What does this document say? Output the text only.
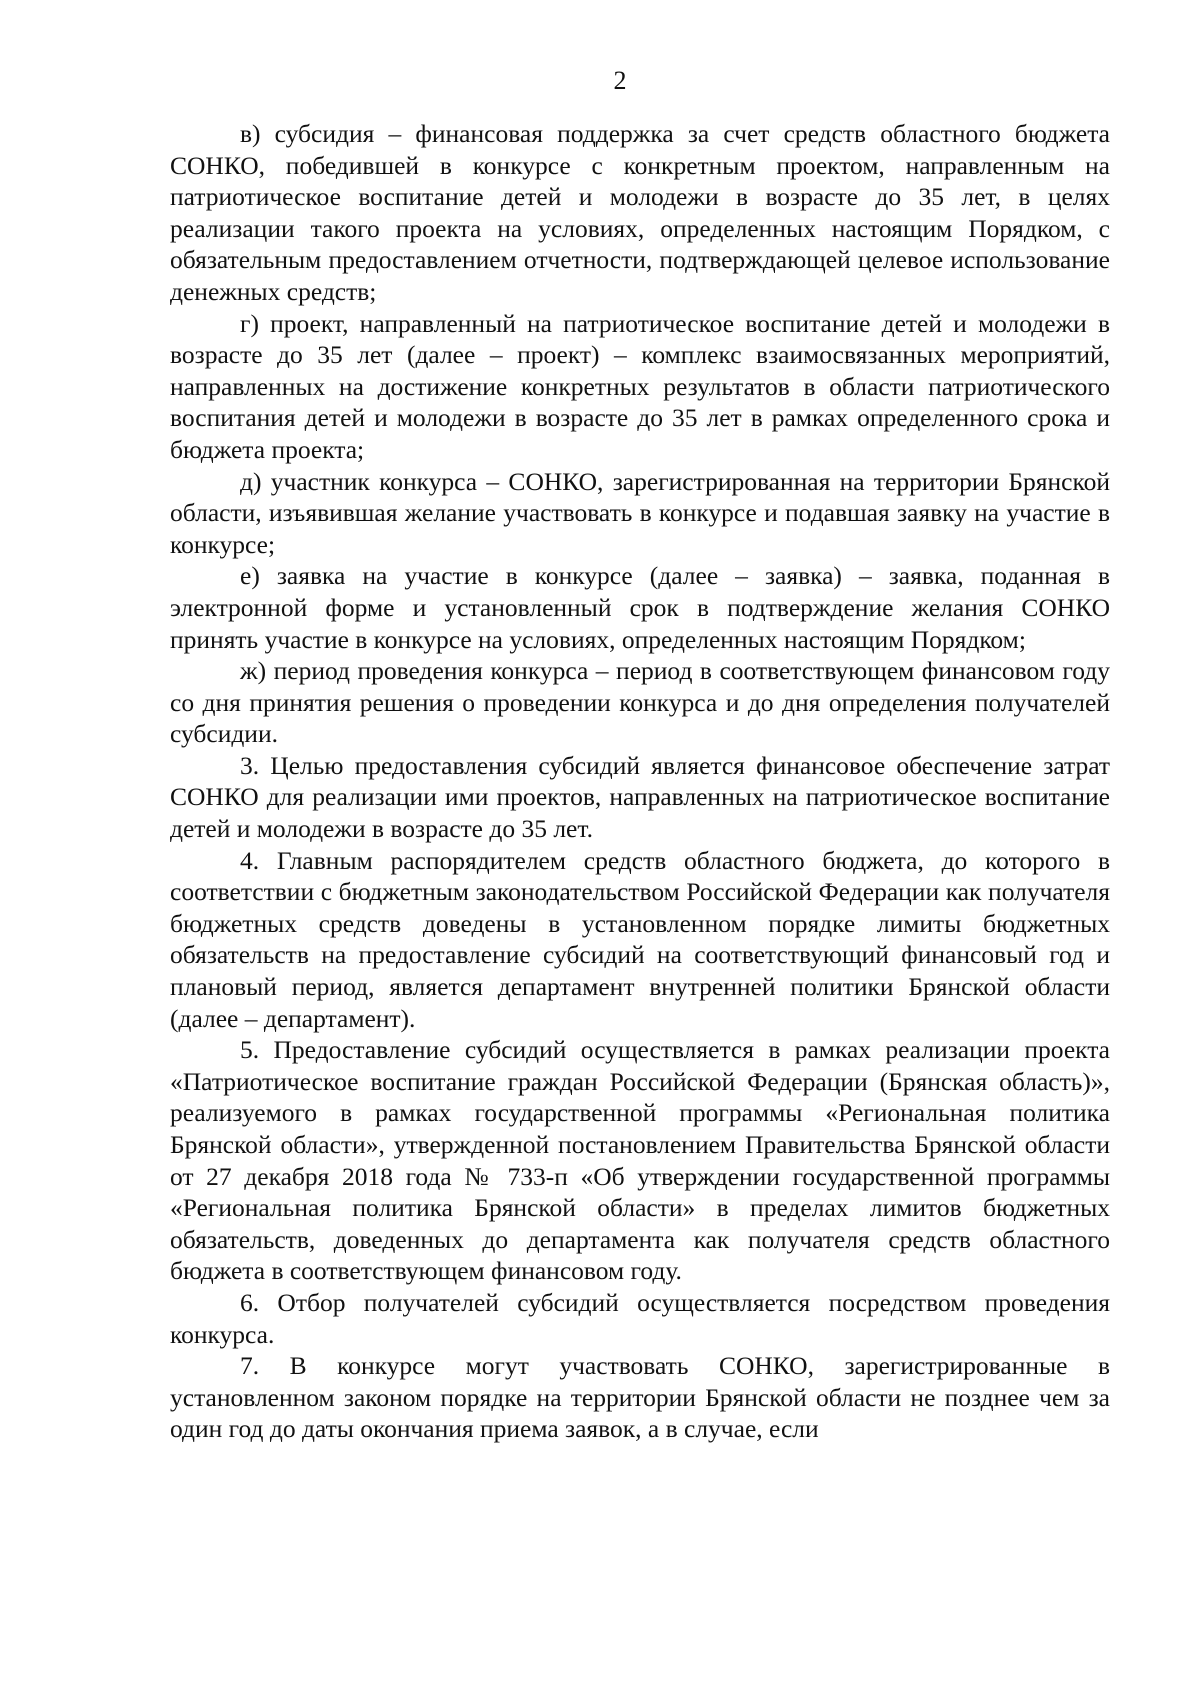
2

в) субсидия – финансовая поддержка за счет средств областного бюджета СОНКО, победившей в конкурсе с конкретным проектом, направленным на патриотическое воспитание детей и молодежи в возрасте до 35 лет, в целях реализации такого проекта на условиях, определенных настоящим Порядком, с обязательным предоставлением отчетности, подтверждающей целевое использование денежных средств;

г) проект, направленный на патриотическое воспитание детей и молодежи в возрасте до 35 лет (далее – проект) – комплекс взаимосвязанных мероприятий, направленных на достижение конкретных результатов в области патриотического воспитания детей и молодежи в возрасте до 35 лет в рамках определенного срока и бюджета проекта;

д) участник конкурса – СОНКО, зарегистрированная на территории Брянской области, изъявившая желание участвовать в конкурсе и подавшая заявку на участие в конкурсе;

е) заявка на участие в конкурсе (далее – заявка) – заявка, поданная в электронной форме и установленный срок в подтверждение желания СОНКО принять участие в конкурсе на условиях, определенных настоящим Порядком;

ж) период проведения конкурса – период в соответствующем финансовом году со дня принятия решения о проведении конкурса и до дня определения получателей субсидии.

3. Целью предоставления субсидий является финансовое обеспечение затрат СОНКО для реализации ими проектов, направленных на патриотическое воспитание детей и молодежи в возрасте до 35 лет.

4. Главным распорядителем средств областного бюджета, до которого в соответствии с бюджетным законодательством Российской Федерации как получателя бюджетных средств доведены в установленном порядке лимиты бюджетных обязательств на предоставление субсидий на соответствующий финансовый год и плановый период, является департамент внутренней политики Брянской области (далее – департамент).

5. Предоставление субсидий осуществляется в рамках реализации проекта «Патриотическое воспитание граждан Российской Федерации (Брянская область)», реализуемого в рамках государственной программы «Региональная политика Брянской области», утвержденной постановлением Правительства Брянской области от 27 декабря 2018 года № 733-п «Об утверждении государственной программы «Региональная политика Брянской области» в пределах лимитов бюджетных обязательств, доведенных до департамента как получателя средств областного бюджета в соответствующем финансовом году.

6. Отбор получателей субсидий осуществляется посредством проведения конкурса.

7. В конкурсе могут участвовать СОНКО, зарегистрированные в установленном законом порядке на территории Брянской области не позднее чем за один год до даты окончания приема заявок, а в случае, если
